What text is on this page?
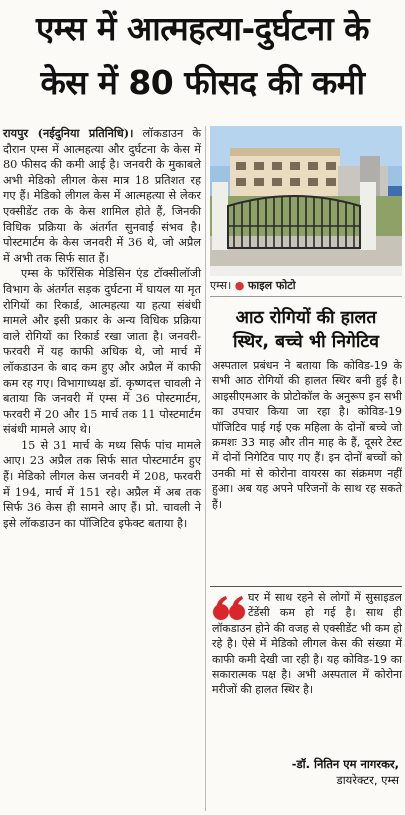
एम्स में आत्महत्या-दुर्घटना के
केस में 80 फीसद की कमी

रायपुर (नईदुनिया प्रतिनिधि)। लॉकडाउन के दौरान एम्स में आत्महत्या और दुर्घटना के केस में 80 फीसद की कमी आई है। जनवरी के मुकाबले अभी मेडिको लीगल केस मात्र 18 प्रतिशत रह गए हैं। मेडिको लीगल केस में आत्महत्या से लेकर एक्सीडेंट तक के केस शामिल होते हैं, जिनकी विधिक प्रक्रिया के अंतर्गत सुनवाई संभव है। पोस्टमार्टम के केस जनवरी में 36 थे, जो अप्रैल में अभी तक सिर्फ सात हैं।

एम्स के फॉरेंसिक मेडिसिन एंड टॉक्सीलॉजी विभाग के अंतर्गत सड़क दुर्घटना में घायल या मृत रोगियों का रिकार्ड, आत्महत्या या हत्या संबंधी मामले और इसी प्रकार के अन्य विधिक प्रक्रिया वाले रोगियों का रिकार्ड रखा जाता है। जनवरी-फरवरी में यह काफी अधिक थे, जो मार्च में लॉकडाउन के बाद कम हुए और अप्रैल में काफी कम रह गए। विभागाध्यक्ष डॉ. कृष्णदत्त चावली ने बताया कि जनवरी में एम्स में 36 पोस्टमार्टम, फरवरी में 20 और 15 मार्च तक 11 पोस्टमार्टम संबंधी मामले आए थे।

15 से 31 मार्च के मध्य सिर्फ पांच मामले आए। 23 अप्रैल तक सिर्फ सात पोस्टमार्टम हुए हैं। मेडिको लीगल केस जनवरी में 208, फरवरी में 194, मार्च में 151 रहे। अप्रैल में अब तक सिर्फ 36 केस ही सामने आए हैं। प्रो. चावली ने इसे लॉकडाउन का पॉजिटिव इफेक्ट बताया है।

एम्स। ● फाइल फोटो
आठ रोगियों की हालत
स्थिर, बच्चे भी निगेटिव
अस्पताल प्रबंधन ने बताया कि कोविड-19 के सभी आठ रोगियों की हालत स्थिर बनी हुई है। आइसीएमआर के प्रोटोकॉल के अनुरूप इन सभी का उपचार किया जा रहा है। कोविड-19 पॉजिटिव पाई गई एक महिला के दोनों बच्चे जो क्रमशः 33 माह और तीन माह के हैं, दूसरे टेस्ट में दोनों निगेटिव पाए गए हैं। इन दोनों बच्चों को उनकी मां से कोरोना वायरस का संक्रमण नहीं हुआ। अब यह अपने परिजनों के साथ रह सकते हैं।
घर में साथ रहने से लोगों में सुसाइडल टेंडेंसी कम हो गई है। साथ ही लॉकडाउन होने की वजह से एक्सीडेंट भी कम हो रहे है। ऐसे में मेडिको लीगल केस की संख्या में काफी कमी देखी जा रही है। यह कोविड-19 का सकारात्मक पक्ष है। अभी अस्पताल में कोरोना मरीजों की हालत स्थिर है।
-डॉ. नितिन एम नागरकर,
डायरेक्टर, एम्स
